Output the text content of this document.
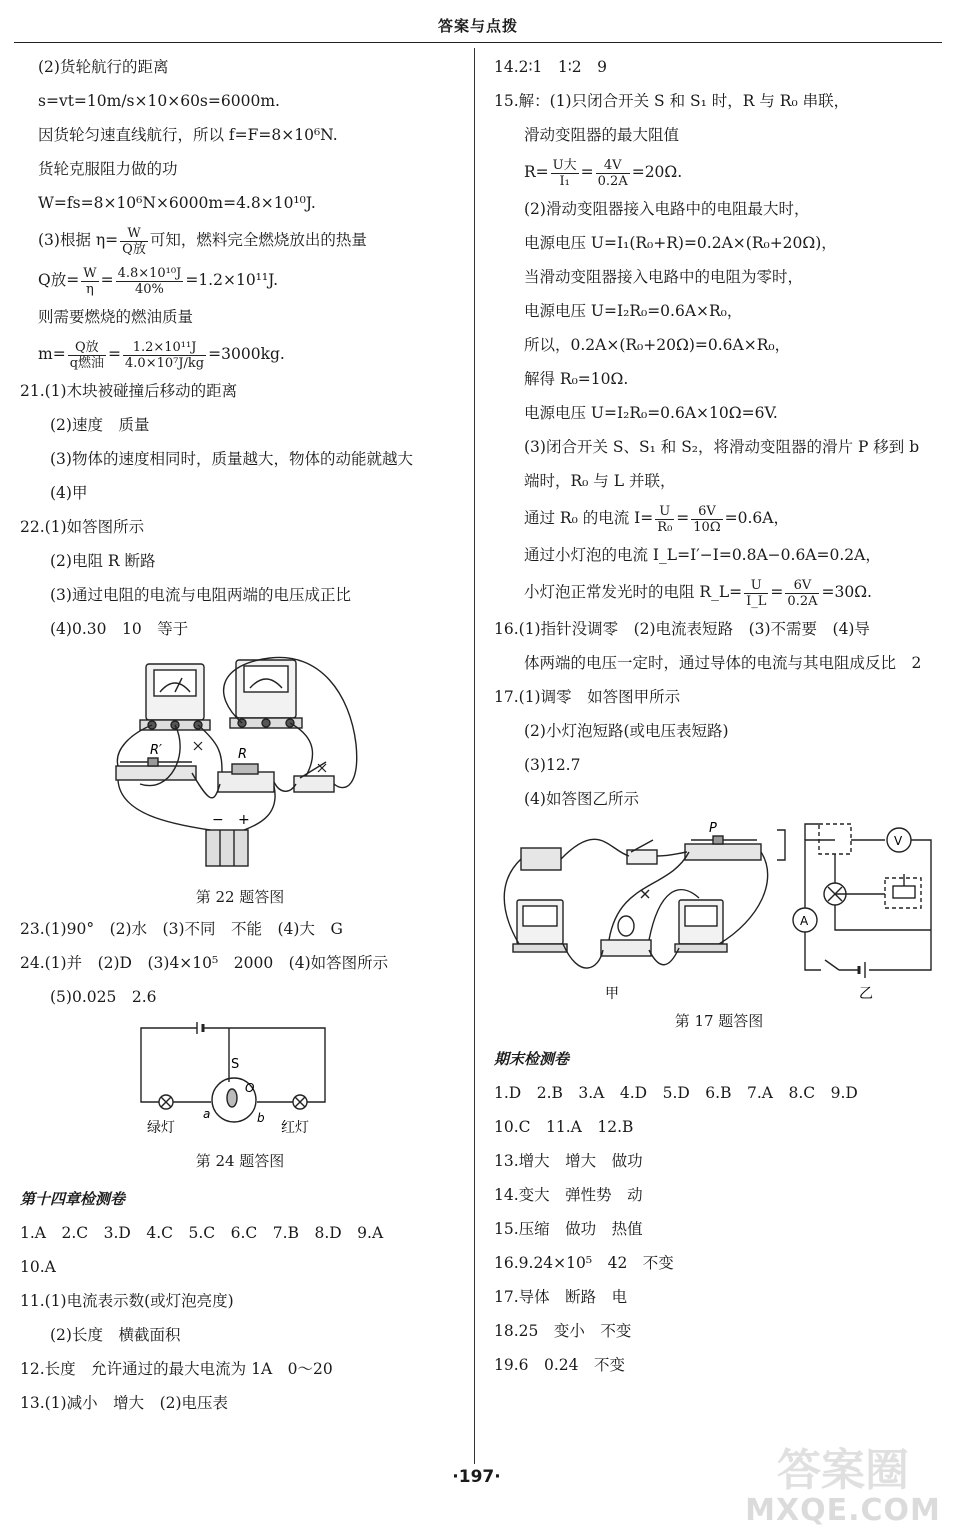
答案与点拨
(2)货轮航行的距离
s=vt=10m/s×10×60s=6000m.
因货轮匀速直线航行，所以 f=F=8×10⁶N.
货轮克服阻力做的功
W=fs=8×10⁶N×6000m=4.8×10¹⁰J.
(3)根据 $\eta= \frac{W}{\text{Q放}}$ 可知，燃料完全燃烧放出的热量
Q放= $\frac{W}{\eta} = \frac{\text{4.8×10¹⁰J}}{40\%} =1.2\times 10^{11}J$.
则需要燃烧的燃油质量
$m= \frac{\text{Q放}}{\text{q燃油}} = \frac{\text{1.2×10¹¹J}}{\text{4.0×10⁷J/kg}} =3000kg$.
21.(1)木块被碰撞后移动的距离
(2)速度　质量
(3)物体的速度相同时，质量越大，物体的动能就越大
(4)甲
22.(1)如答图所示
(2)电阻 R 断路
(3)通过电阻的电流与电阻两端的电压成正比
(4)0.30　10　等于
R′	R
− +
第 22 题答图
23.(1)90°　(2)水　(3)不同　不能　(4)大　G
24.(1)并　(2)D　(3)4×10⁵　2000　(4)如答图所示
(5)0.025　2.6
S
O
a	b
绿灯	红灯
第 24 题答图
第十四章检测卷
1.A　2.C　3.D　4.C　5.C　6.C　7.B　8.D　9.A
10.A
11.(1)电流表示数(或灯泡亮度)
(2)长度　横截面积
12.长度　允许通过的最大电流为 1A　0～20
13.(1)减小　增大　(2)电压表
14.2∶1　1∶2　9
15.解：(1)只闭合开关 S 和 S₁ 时，R 与 R₀ 串联，
滑动变阻器的最大阻值
$R= \frac{\text{U大}}{\text{I₁}} = \frac{4V}{0.2A} =20\Omega$.
(2)滑动变阻器接入电路中的电阻最大时，
电源电压 U=I₁(R₀+R)=0.2A×(R₀+20Ω)，
当滑动变阻器接入电路中的电阻为零时，
电源电压 U=I₂R₀=0.6A×R₀，
所以，0.2A×(R₀+20Ω)=0.6A×R₀，
解得 R₀=10Ω.
电源电压 U=I₂R₀=0.6A×10Ω=6V.
(3)闭合开关 S、S₁ 和 S₂，将滑动变阻器的滑片 P 移到 b
端时，R₀ 与 L 并联，
通过 R₀ 的电流 $I= \frac{U}{\text{R₀}} = \frac{6V}{10\Omega} =0.6A$，
通过小灯泡的电流 I_L=I′−I=0.8A−0.6A=0.2A，
小灯泡正常发光时的电阻 R_L= $\frac{U}{I\_L} = \frac{6V}{0.2A} =30\Omega$.
16.(1)指针没调零　(2)电流表短路　(3)不需要　(4)导
体两端的电压一定时，通过导体的电流与其电阻成反比　2
17.(1)调零　如答图甲所示
(2)小灯泡短路(或电压表短路)
(3)12.7
(4)如答图乙所示
P
V
A
甲	乙
第 17 题答图
期末检测卷
1.D　2.B　3.A　4.D　5.D　6.B　7.A　8.C　9.D
10.C　11.A　12.B
13.增大　增大　做功
14.变大　弹性势　动
15.压缩　做功　热值
16.9.24×10⁵　42　不变
17.导体　断路　电
18.25　变小　不变
19.6　0.24　不变
·197·	答案圈
MXQE.COM
